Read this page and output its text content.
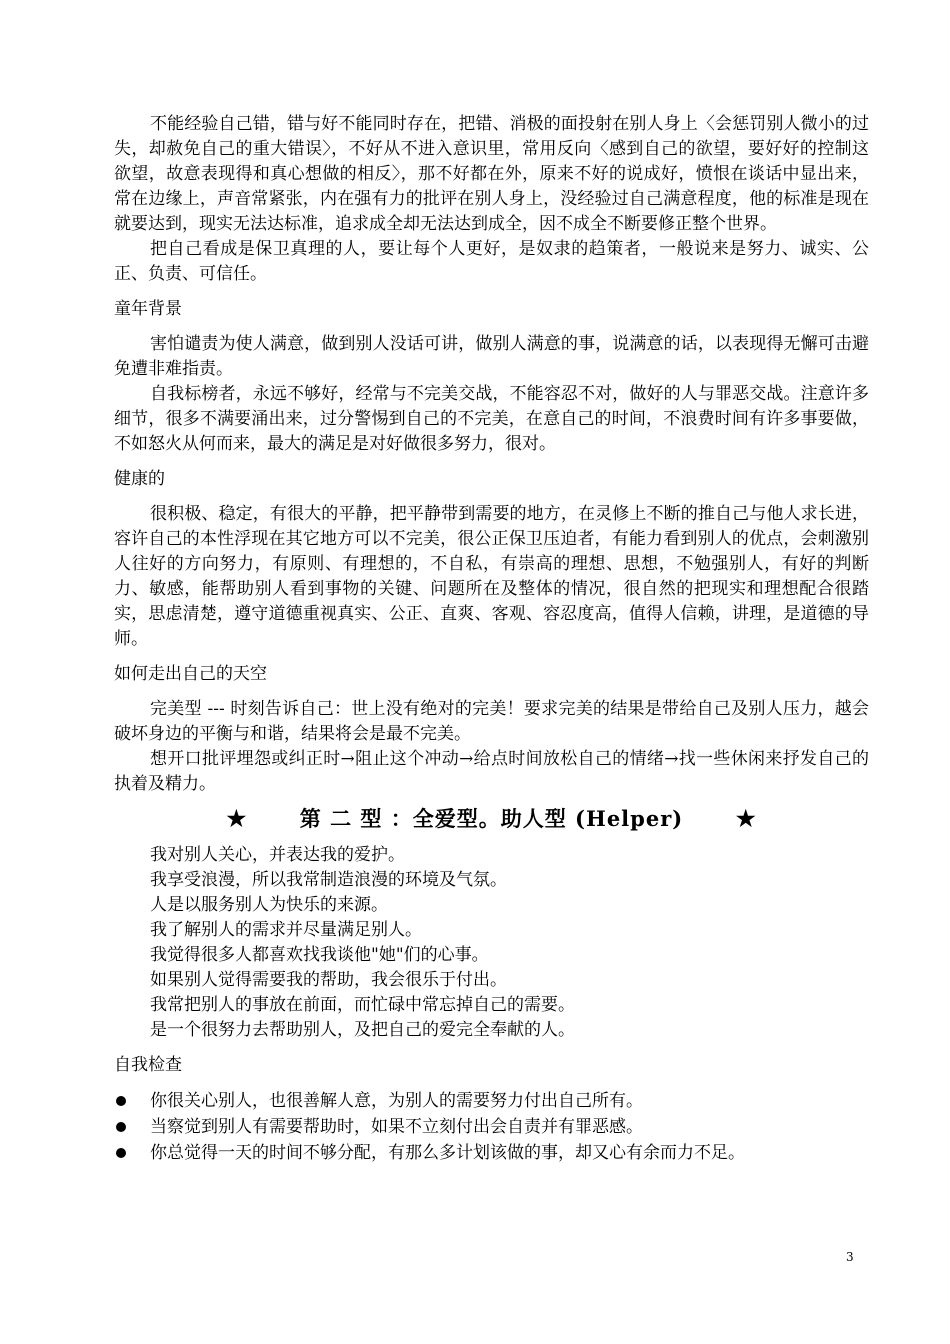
不能经验自己错，错与好不能同时存在，把错、消极的面投射在别人身上〈会惩罚别人微小的过失，却赦免自己的重大错误〉，不好从不进入意识里，常用反向〈感到自己的欲望，要好好的控制这欲望，故意表现得和真心想做的相反〉，那不好都在外，原来不好的说成好，愤恨在谈话中显出来，常在边缘上，声音常紧张，内在强有力的批评在别人身上，没经验过自己满意程度，他的标准是现在就要达到，现实无法达标准，追求成全却无法达到成全，因不成全不断要修正整个世界。

把自己看成是保卫真理的人，要让每个人更好，是奴隶的趋策者，一般说来是努力、诚实、公正、负责、可信任。

童年背景

害怕谴责为使人满意，做到别人没话可讲，做别人满意的事，说满意的话，以表现得无懈可击避免遭非难指责。

自我标榜者，永远不够好，经常与不完美交战，不能容忍不对，做好的人与罪恶交战。注意许多细节，很多不满要涌出来，过分警惕到自己的不完美，在意自己的时间，不浪费时间有许多事要做，不如怒火从何而来，最大的满足是对好做很多努力，很对。

健康的

很积极、稳定，有很大的平静，把平静带到需要的地方，在灵修上不断的推自己与他人求长进，容许自己的本性浮现在其它地方可以不完美，很公正保卫压迫者，有能力看到别人的优点，会刺激别人往好的方向努力，有原则、有理想的，不自私，有崇高的理想、思想，不勉强别人，有好的判断力、敏感，能帮助别人看到事物的关键、问题所在及整体的情况，很自然的把现实和理想配合很踏实，思虑清楚，遵守道德重视真实、公正、直爽、客观、容忍度高，值得人信赖，讲理，是道德的导师。

如何走出自己的天空

完美型 --- 时刻告诉自己：世上没有绝对的完美！要求完美的结果是带给自己及别人压力，越会破坏身边的平衡与和谐，结果将会是最不完美。

想开口批评埋怨或纠正时→阻止这个冲动→给点时间放松自己的情绪→找一些休闲来抒发自己的执着及精力。

★	第 二 型 ：全爱型。助人型 (Helper) ★

我对别人关心，并表达我的爱护。

我享受浪漫，所以我常制造浪漫的环境及气氛。

人是以服务别人为快乐的来源。

我了解别人的需求并尽量满足别人。

我觉得很多人都喜欢找我谈他"她"们的心事。

如果别人觉得需要我的帮助，我会很乐于付出。

我常把别人的事放在前面，而忙碌中常忘掉自己的需要。

是一个很努力去帮助别人，及把自己的爱完全奉献的人。

自我检查
你很关心别人，也很善解人意，为别人的需要努力付出自己所有。
当察觉到别人有需要帮助时，如果不立刻付出会自责并有罪恶感。
你总觉得一天的时间不够分配，有那么多计划该做的事，却又心有余而力不足。
3
